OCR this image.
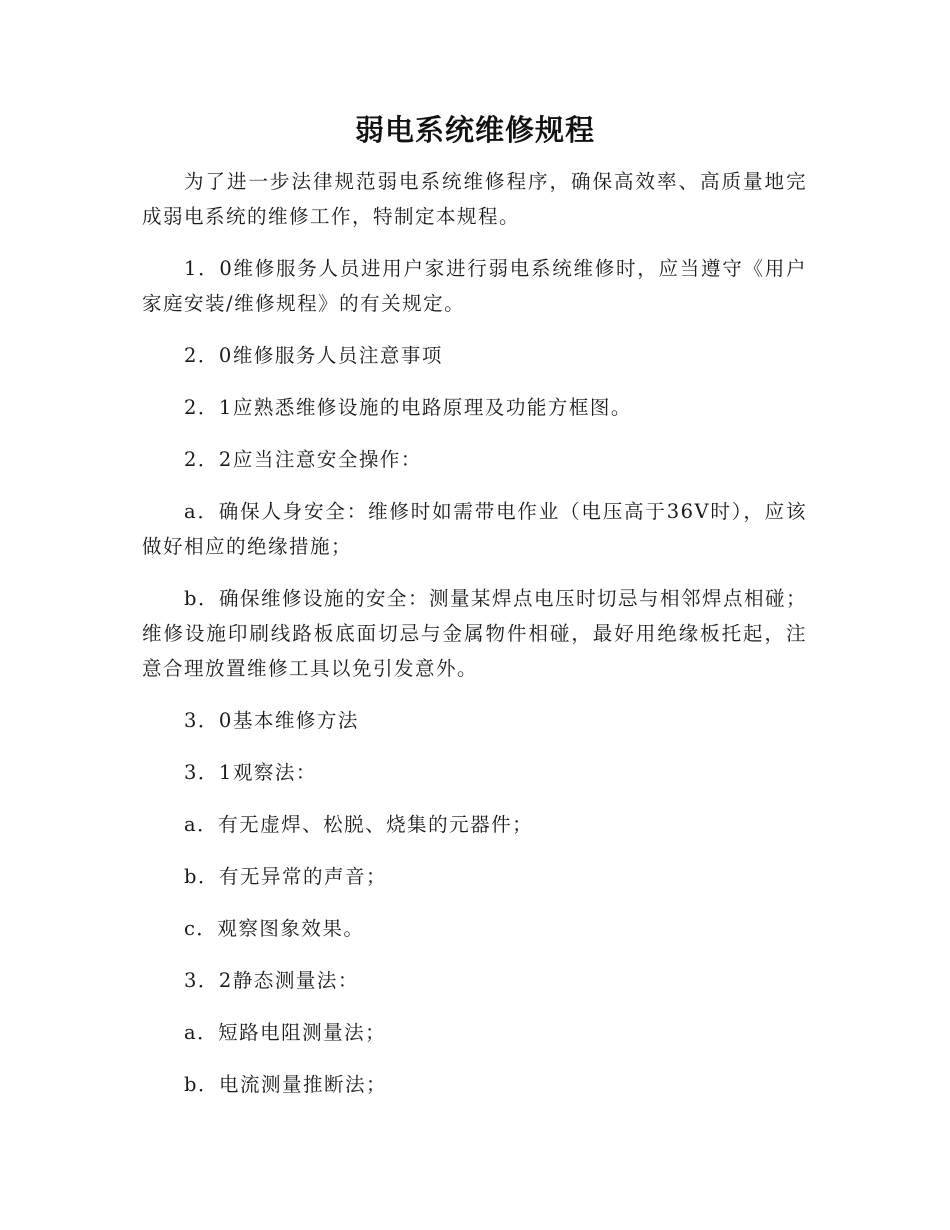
弱电系统维修规程

为了进一步法律规范弱电系统维修程序，确保高效率、高质量地完成弱电系统的维修工作，特制定本规程。

1．0维修服务人员进用户家进行弱电系统维修时，应当遵守《用户家庭安装/维修规程》的有关规定。

2．0维修服务人员注意事项

2．1应熟悉维修设施的电路原理及功能方框图。

2．2应当注意安全操作：

a．确保人身安全：维修时如需带电作业（电压高于36V时），应该做好相应的绝缘措施；

b．确保维修设施的安全：测量某焊点电压时切忌与相邻焊点相碰；维修设施印刷线路板底面切忌与金属物件相碰，最好用绝缘板托起，注意合理放置维修工具以免引发意外。

3．0基本维修方法

3．1观察法：

a．有无虚焊、松脱、烧集的元器件；

b．有无异常的声音；

c．观察图象效果。

3．2静态测量法：

a．短路电阻测量法；

b．电流测量推断法；
